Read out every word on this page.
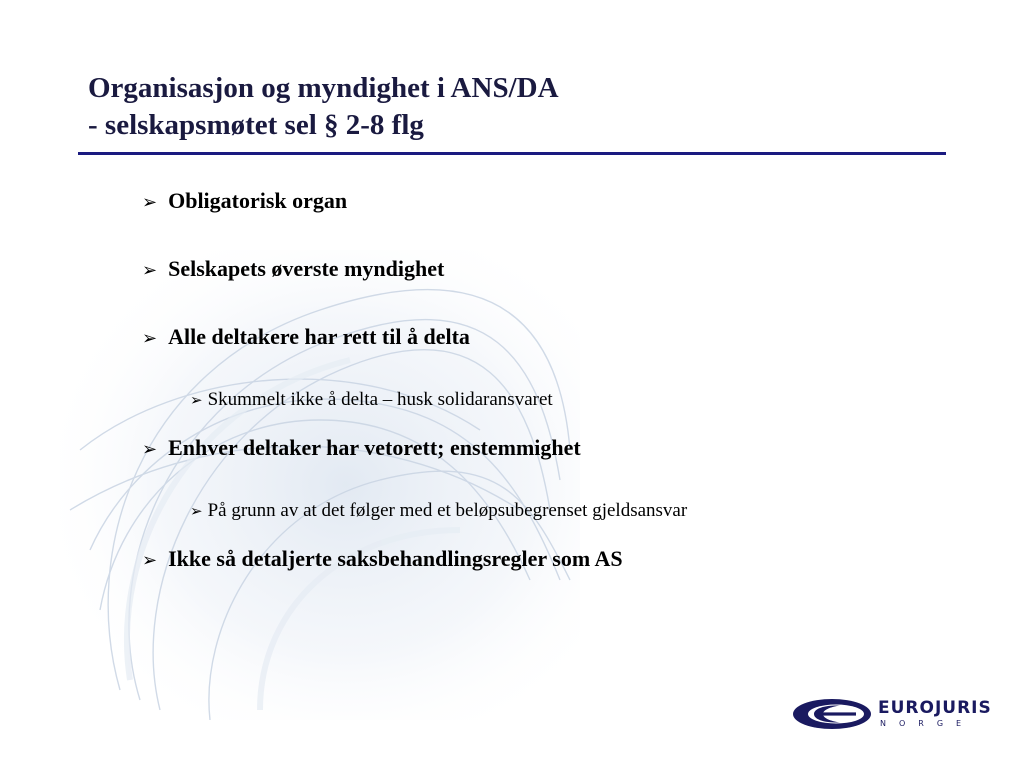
Organisasjon og myndighet i ANS/DA

- selskapsmøtet sel § 2-8 flg

➢ Obligatorisk organ
➢ Selskapets øverste myndighet
➢ Alle deltakere har rett til å delta
➢ Skummelt ikke å delta – husk solidaransvaret
➢ Enhver deltaker har vetorett; enstemmighet
➢ På grunn av at det følger med et beløpsubegrenset gjeldsansvar
➢ Ikke så detaljerte saksbehandlingsregler som AS
EUROJURIS
NORGE
